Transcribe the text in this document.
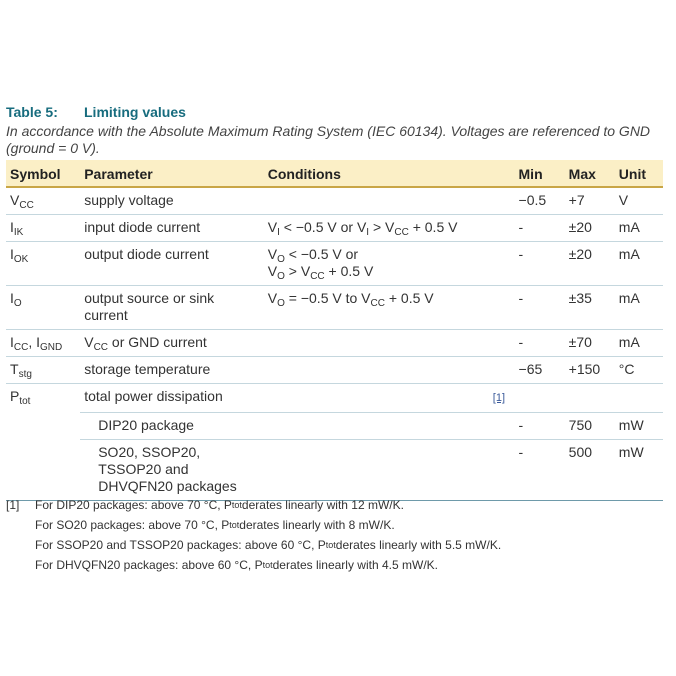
Table 5: Limiting values
In accordance with the Absolute Maximum Rating System (IEC 60134). Voltages are referenced to GND (ground = 0 V).
Symbol	Parameter	Conditions	Min	Max	Unit
$V_{CC}$	supply voltage		−0.5	+7	V
$I_{IK}$	input diode current	$V_I < -0.5$ V or $V_I > V_{CC} + 0.5$ V	-	±20	mA
$I_{OK}$	output diode current	$V_O < -0.5$ V or
$V_O > V_{CC} + 0.5$ V	-	±20	mA
$I_O$	output source or sink current	$V_O = -0.5$ V to $V_{CC} + 0.5$ V	-	±35	mA
$I_{CC}$, $I_{GND}$	$V_{CC}$ or GND current		-	±70	mA
$T_{stg}$	storage temperature		−65	+150	°C
$P_{tot}$	total power dissipation	[1]			
	DIP20 package		-	750	mW
	SO20, SSOP20, TSSOP20 and DHVQFN20 packages		-	500	mW
[1]	For DIP20 packages: above 70 °C, P tot derates linearly with 12 mW/K.
For SO20 packages: above 70 °C, P tot derates linearly with 8 mW/K.
For SSOP20 and TSSOP20 packages: above 60 °C, P tot derates linearly with 5.5 mW/K.
For DHVQFN20 packages: above 60 °C, P tot derates linearly with 4.5 mW/K.
